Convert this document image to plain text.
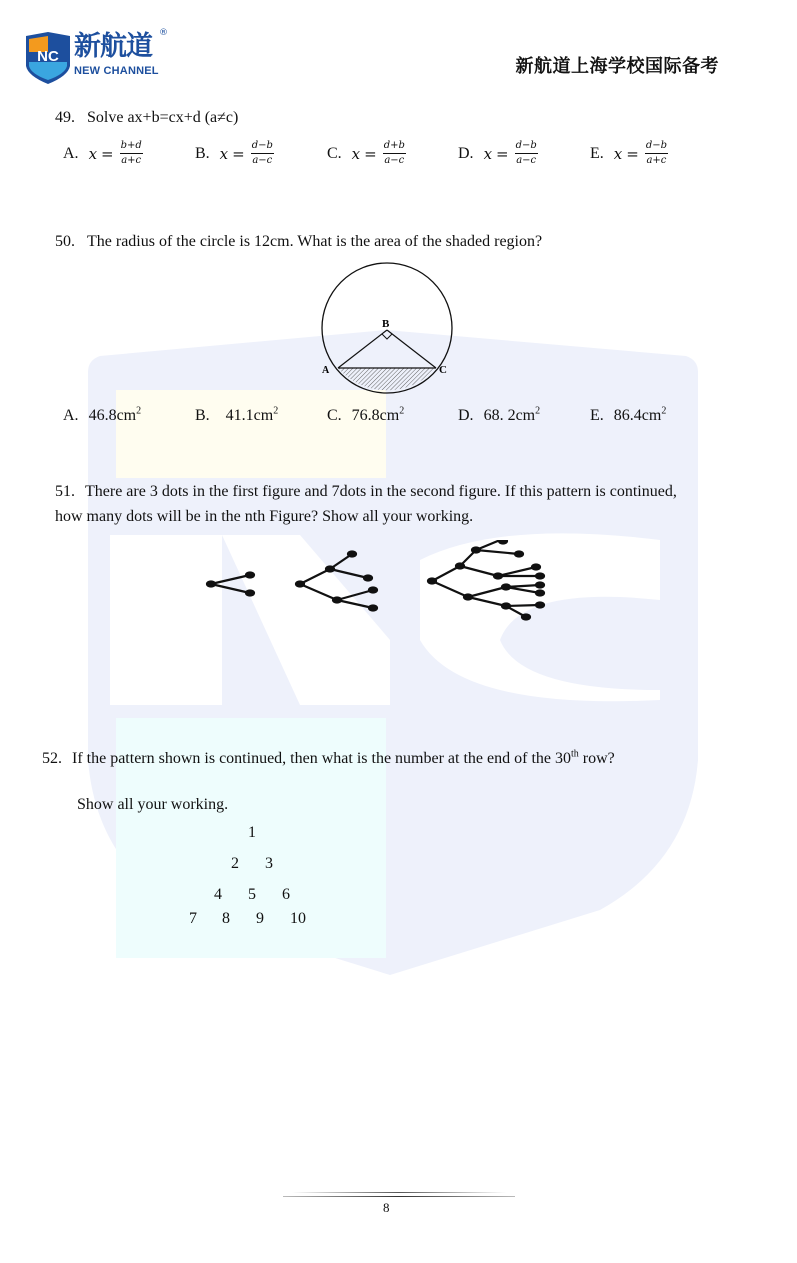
NC 新航道 ®
NEW CHANNEL	新航道上海学校国际备考
49. Solve ax+b=cx+d (a≠c)
A. $x = \frac{b+d}{a+c}$	B. $x = \frac{d-b}{a-c}$	C. $x = \frac{d+b}{a-c}$	D. $x = \frac{d-b}{a-c}$	E. $x = \frac{d-b}{a+c}$
50. The radius of the circle is 12cm. What is the area of the shaded region?
B
A	C
A. $46.8cm^2$	B. $41.1cm^2$	C. $76.8cm^2$	D. 68. $2cm^2$	E. $86.4cm^2$
51. There are 3 dots in the first figure and 7dots in the second figure. If this pattern is continued,
how many dots will be in the nth Figure? Show all your working.
52. If the pattern shown is continued, then what is the number at the end of the 30th row?
Show all your working.
1
2 3
4 5 6
7 8 9 10
8
